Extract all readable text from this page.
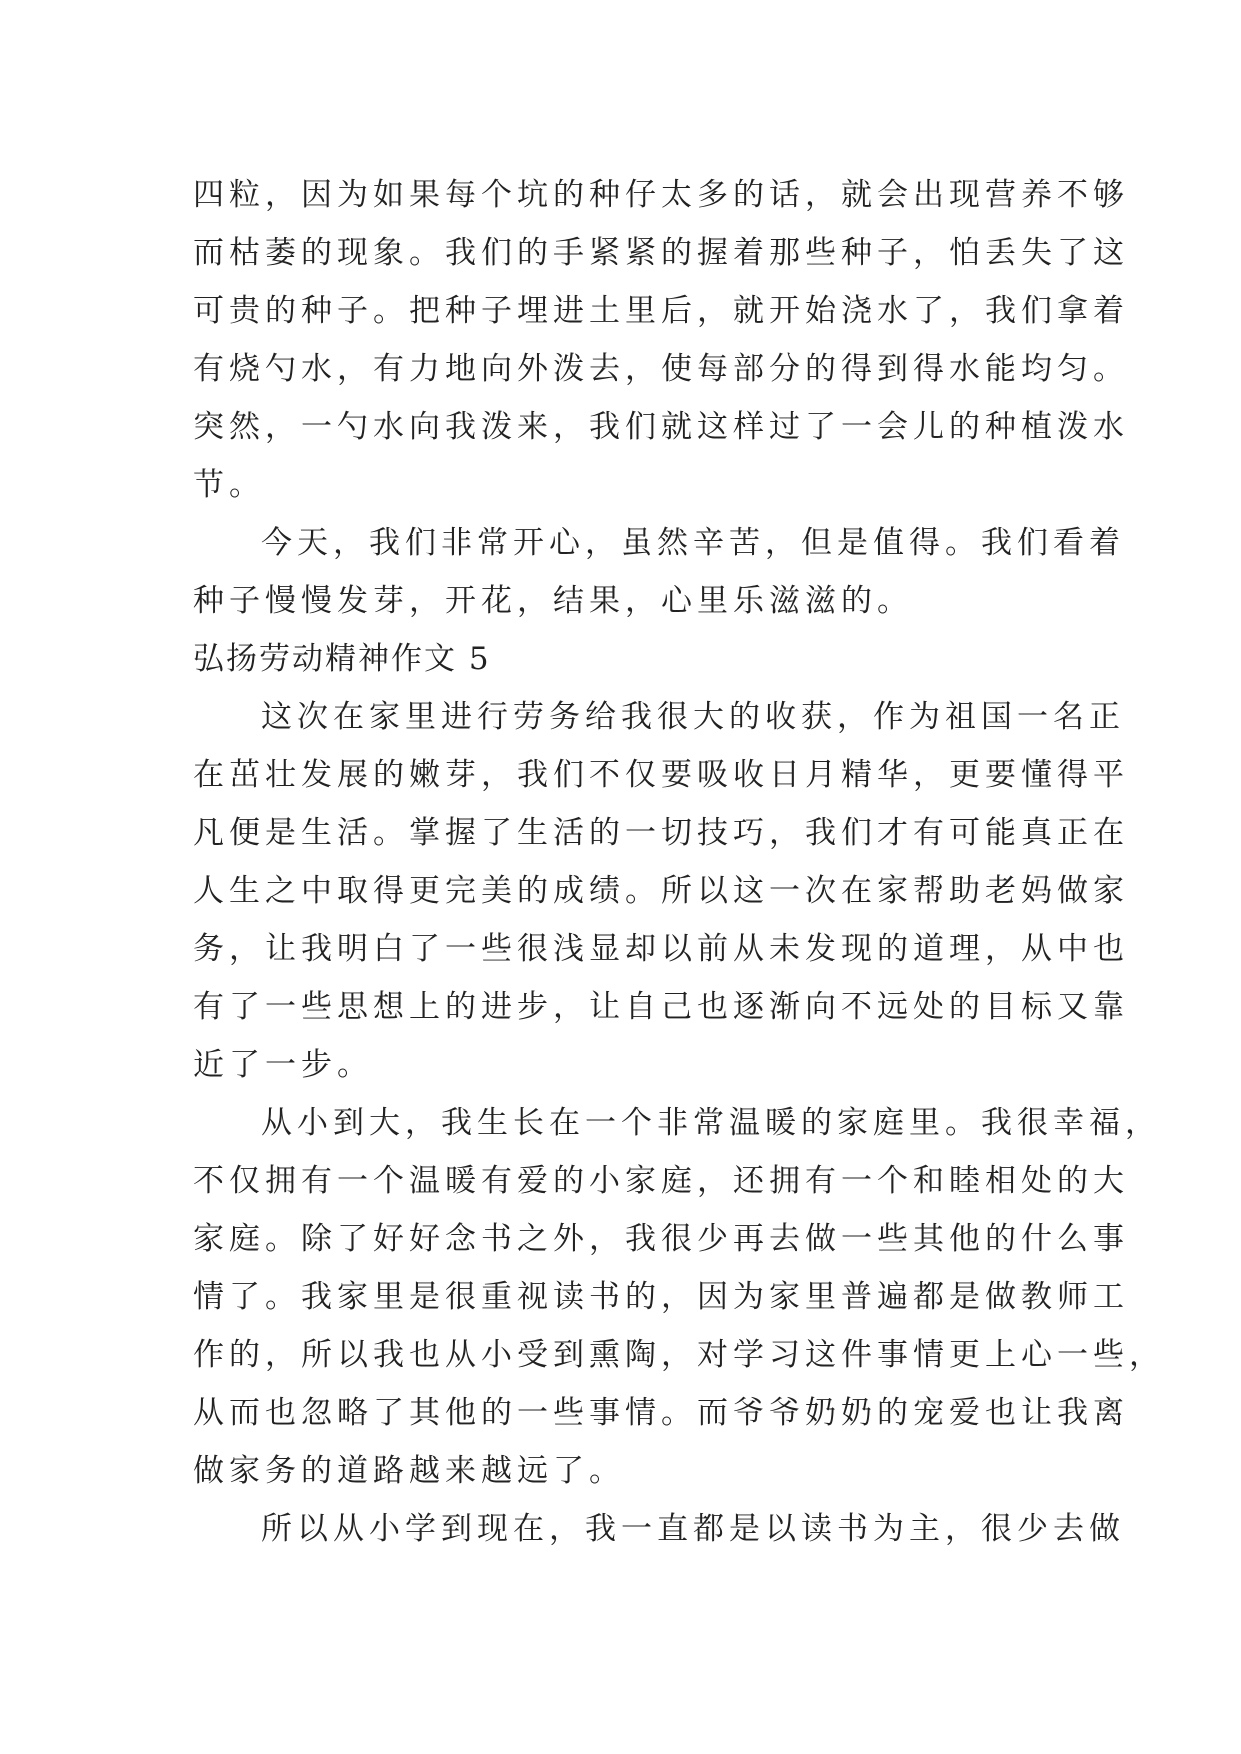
四粒，因为如果每个坑的种仔太多的话，就会出现营养不够
而枯萎的现象。我们的手紧紧的握着那些种子，怕丢失了这
可贵的种子。把种子埋进土里后，就开始浇水了，我们拿着
有烧勺水，有力地向外泼去，使每部分的得到得水能均匀。
突然，一勺水向我泼来，我们就这样过了一会儿的种植泼水
节。
今天，我们非常开心，虽然辛苦，但是值得。我们看着
种子慢慢发芽，开花，结果，心里乐滋滋的。
弘扬劳动精神作文 5
这次在家里进行劳务给我很大的收获，作为祖国一名正
在茁壮发展的嫩芽，我们不仅要吸收日月精华，更要懂得平
凡便是生活。掌握了生活的一切技巧，我们才有可能真正在
人生之中取得更完美的成绩。所以这一次在家帮助老妈做家
务，让我明白了一些很浅显却以前从未发现的道理，从中也
有了一些思想上的进步，让自己也逐渐向不远处的目标又靠
近了一步。
从小到大，我生长在一个非常温暖的家庭里。我很幸福，
不仅拥有一个温暖有爱的小家庭，还拥有一个和睦相处的大
家庭。除了好好念书之外，我很少再去做一些其他的什么事
情了。我家里是很重视读书的，因为家里普遍都是做教师工
作的，所以我也从小受到熏陶，对学习这件事情更上心一些，
从而也忽略了其他的一些事情。而爷爷奶奶的宠爱也让我离
做家务的道路越来越远了。
所以从小学到现在，我一直都是以读书为主，很少去做
